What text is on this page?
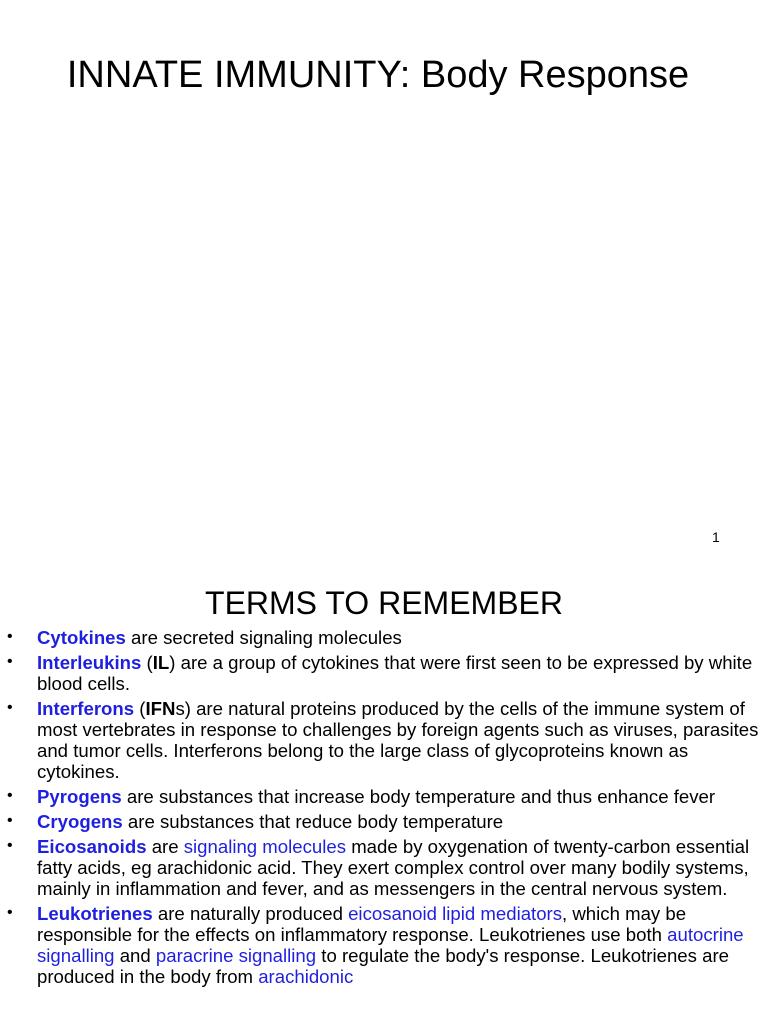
INNATE IMMUNITY: Body Response
1
TERMS TO REMEMBER
• Cytokines are secreted signaling molecules
• Interleukins (IL) are a group of cytokines that were first seen to be expressed by white blood cells.
• Interferons (IFNs) are natural proteins produced by the cells of the immune system of most vertebrates in response to challenges by foreign agents such as viruses, parasites and tumor cells. Interferons belong to the large class of glycoproteins known as cytokines.
• Pyrogens are substances that increase body temperature and thus enhance fever
• Cryogens are substances that reduce body temperature
• Eicosanoids are signaling molecules made by oxygenation of twenty-carbon essential fatty acids, eg arachidonic acid. They exert complex control over many bodily systems, mainly in inflammation and fever, and as messengers in the central nervous system.
• Leukotrienes are naturally produced eicosanoid lipid mediators, which may be responsible for the effects on inflammatory response. Leukotrienes use both autocrine signalling and paracrine signalling to regulate the body's response. Leukotrienes are produced in the body from arachidonic
